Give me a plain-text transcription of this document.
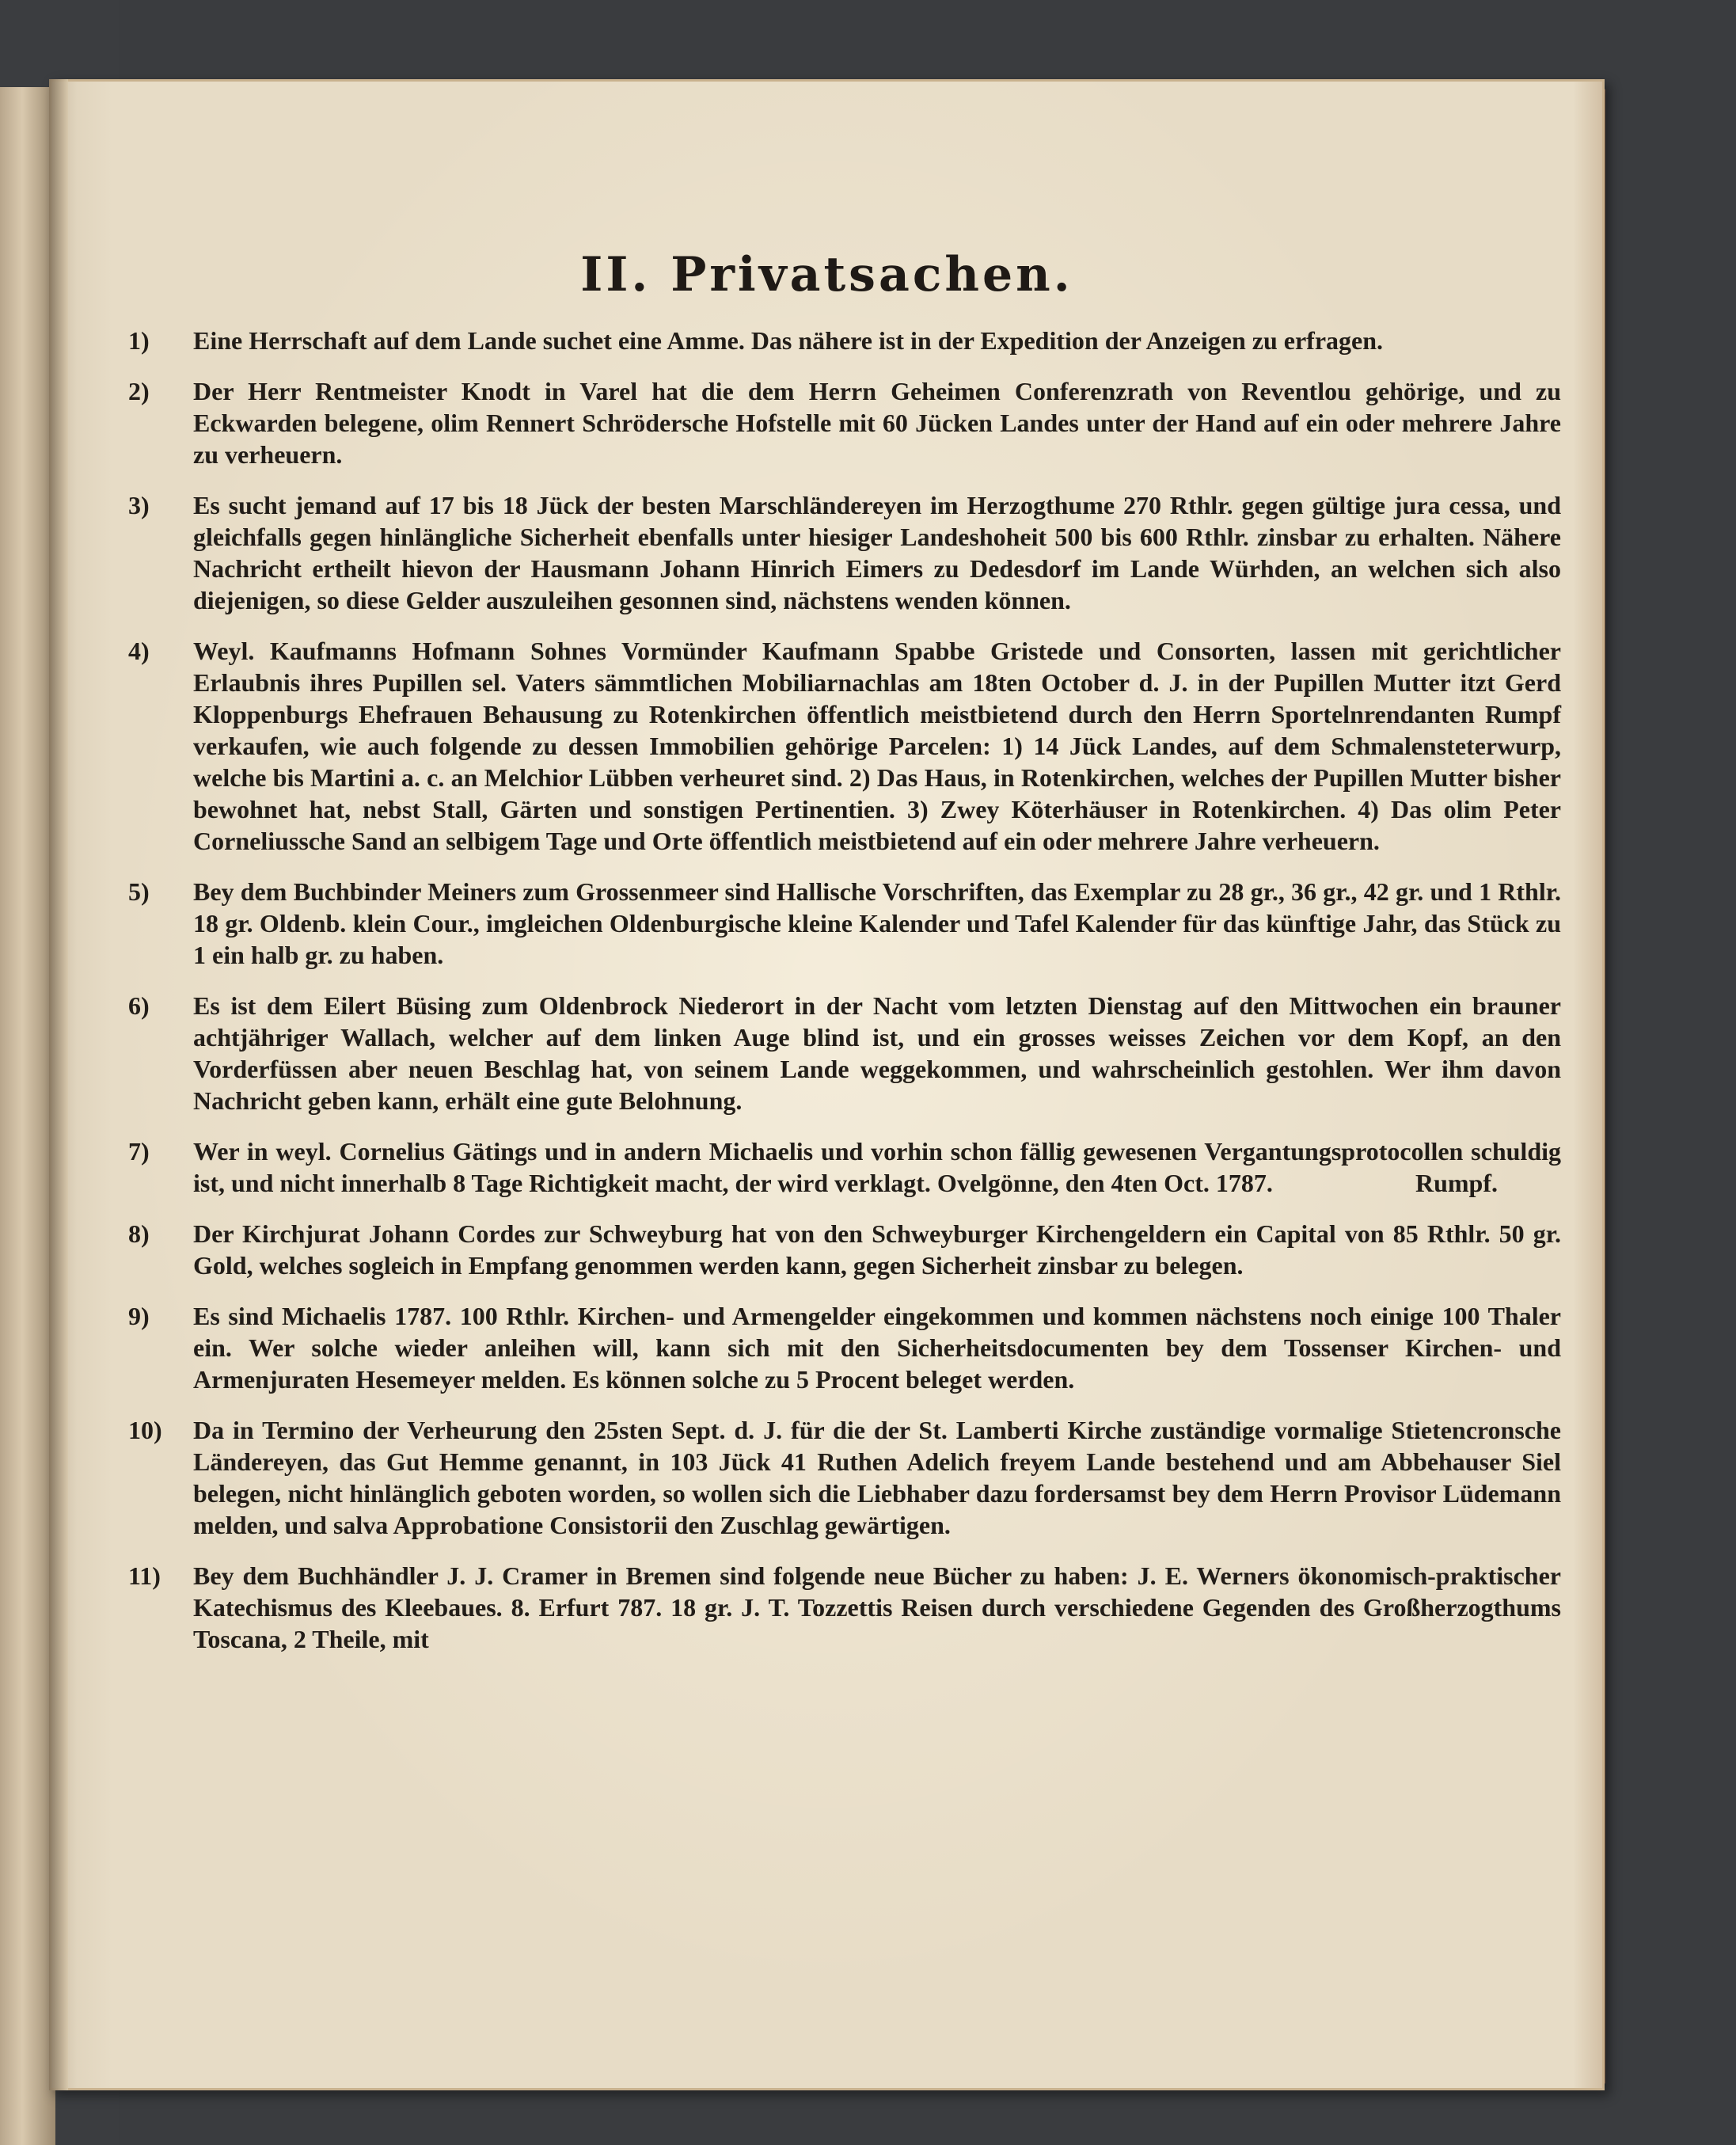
II. Privatsachen.
1)	Eine Herrschaft auf dem Lande suchet eine Amme. Das nähere ist in der Expedition der Anzeigen zu erfragen.
2)	Der Herr Rentmeister Knodt in Varel hat die dem Herrn Geheimen Conferenzrath von Reventlou gehörige, und zu Eckwarden belegene, olim Rennert Schrödersche Hofstelle mit 60 Jücken Landes unter der Hand auf ein oder mehrere Jahre zu verheuern.
3)	Es sucht jemand auf 17 bis 18 Jück der besten Marschländereyen im Herzogthume 270 Rthlr. gegen gültige jura cessa, und gleichfalls gegen hinlängliche Sicherheit ebenfalls unter hiesiger Landeshoheit 500 bis 600 Rthlr. zinsbar zu erhalten. Nähere Nachricht ertheilt hievon der Hausmann Johann Hinrich Eimers zu Dedesdorf im Lande Würhden, an welchen sich also diejenigen, so diese Gelder auszuleihen gesonnen sind, nächstens wenden können.
4)	Weyl. Kaufmanns Hofmann Sohnes Vormünder Kaufmann Spabbe Gristede und Consorten, lassen mit gerichtlicher Erlaubnis ihres Pupillen sel. Vaters sämmtlichen Mobiliarnachlas am 18ten October d. J. in der Pupillen Mutter itzt Gerd Kloppenburgs Ehefrauen Behausung zu Rotenkirchen öffentlich meistbietend durch den Herrn Sportelnrendanten Rumpf verkaufen, wie auch folgende zu dessen Immobilien gehörige Parcelen: 1) 14 Jück Landes, auf dem Schmalensteterwurp, welche bis Martini a. c. an Melchior Lübben verheuret sind. 2) Das Haus, in Rotenkirchen, welches der Pupillen Mutter bisher bewohnet hat, nebst Stall, Gärten und sonstigen Pertinentien. 3) Zwey Köterhäuser in Rotenkirchen. 4) Das olim Peter Corneliussche Sand an selbigem Tage und Orte öffentlich meistbietend auf ein oder mehrere Jahre verheuern.
5)	Bey dem Buchbinder Meiners zum Grossenmeer sind Hallische Vorschriften, das Exemplar zu 28 gr., 36 gr., 42 gr. und 1 Rthlr. 18 gr. Oldenb. klein Cour., imgleichen Oldenburgische kleine Kalender und Tafel Kalender für das künftige Jahr, das Stück zu 1 ein halb gr. zu haben.
6)	Es ist dem Eilert Büsing zum Oldenbrock Niederort in der Nacht vom letzten Dienstag auf den Mittwochen ein brauner achtjähriger Wallach, welcher auf dem linken Auge blind ist, und ein grosses weisses Zeichen vor dem Kopf, an den Vorderfüssen aber neuen Beschlag hat, von seinem Lande weggekommen, und wahrscheinlich gestohlen. Wer ihm davon Nachricht geben kann, erhält eine gute Belohnung.
7)	Wer in weyl. Cornelius Gätings und in andern Michaelis und vorhin schon fällig gewesenen Vergantungsprotocollen schuldig ist, und nicht innerhalb 8 Tage Richtigkeit macht, der wird verklagt. Ovelgönne, den 4ten Oct. 1787.	Rumpf.
8)	Der Kirchjurat Johann Cordes zur Schweyburg hat von den Schweyburger Kirchengeldern ein Capital von 85 Rthlr. 50 gr. Gold, welches sogleich in Empfang genommen werden kann, gegen Sicherheit zinsbar zu belegen.
9)	Es sind Michaelis 1787. 100 Rthlr. Kirchen- und Armengelder eingekommen und kommen nächstens noch einige 100 Thaler ein. Wer solche wieder anleihen will, kann sich mit den Sicherheitsdocumenten bey dem Tossenser Kirchen- und Armenjuraten Hesemeyer melden. Es können solche zu 5 Procent beleget werden.
10)	Da in Termino der Verheurung den 25sten Sept. d. J. für die der St. Lamberti Kirche zuständige vormalige Stietencronsche Ländereyen, das Gut Hemme genannt, in 103 Jück 41 Ruthen Adelich freyem Lande bestehend und am Abbehauser Siel belegen, nicht hinlänglich geboten worden, so wollen sich die Liebhaber dazu fordersamst bey dem Herrn Provisor Lüdemann melden, und salva Approbatione Consistorii den Zuschlag gewärtigen.
11)	Bey dem Buchhändler J. J. Cramer in Bremen sind folgende neue Bücher zu haben: J. E. Werners ökonomisch-praktischer Katechismus des Kleebaues. 8. Erfurt 787. 18 gr. J. T. Tozzettis Reisen durch verschiedene Gegenden des Großherzogthums Toscana, 2 Theile, mit
